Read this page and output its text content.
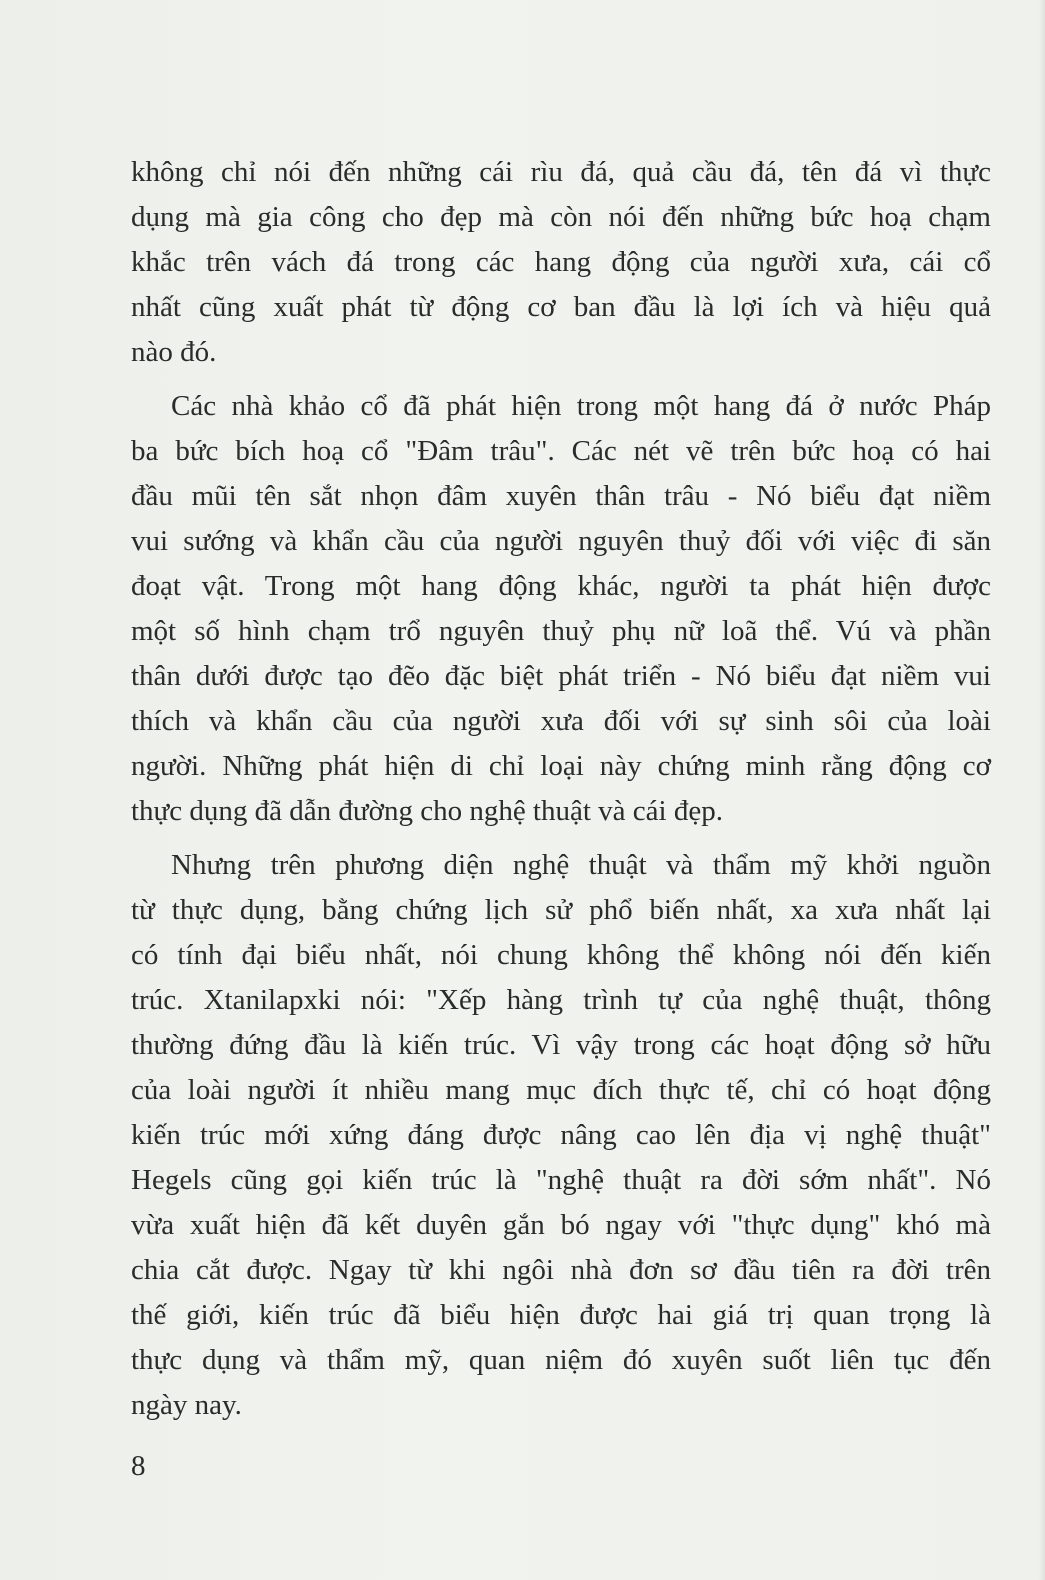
không chỉ nói đến những cái rìu đá, quả cầu đá, tên đá vì thực
dụng mà gia công cho đẹp mà còn nói đến những bức hoạ chạm
khắc trên vách đá trong các hang động của người xưa, cái cổ
nhất cũng xuất phát từ động cơ ban đầu là lợi ích và hiệu quả
nào đó.
Các nhà khảo cổ đã phát hiện trong một hang đá ở nước Pháp
ba bức bích hoạ cổ "Đâm trâu". Các nét vẽ trên bức hoạ có hai
đầu mũi tên sắt nhọn đâm xuyên thân trâu - Nó biểu đạt niềm
vui sướng và khẩn cầu của người nguyên thuỷ đối với việc đi săn
đoạt vật. Trong một hang động khác, người ta phát hiện được
một số hình chạm trổ nguyên thuỷ phụ nữ loã thể. Vú và phần
thân dưới được tạo đẽo đặc biệt phát triển - Nó biểu đạt niềm vui
thích và khẩn cầu của người xưa đối với sự sinh sôi của loài
người. Những phát hiện di chỉ loại này chứng minh rằng động cơ
thực dụng đã dẫn đường cho nghệ thuật và cái đẹp.
Nhưng trên phương diện nghệ thuật và thẩm mỹ khởi nguồn
từ thực dụng, bằng chứng lịch sử phổ biến nhất, xa xưa nhất lại
có tính đại biểu nhất, nói chung không thể không nói đến kiến
trúc. Xtanilapxki nói: "Xếp hàng trình tự của nghệ thuật, thông
thường đứng đầu là kiến trúc. Vì vậy trong các hoạt động sở hữu
của loài người ít nhiều mang mục đích thực tế, chỉ có hoạt động
kiến trúc mới xứng đáng được nâng cao lên địa vị nghệ thuật"
Hegels cũng gọi kiến trúc là "nghệ thuật ra đời sớm nhất". Nó
vừa xuất hiện đã kết duyên gắn bó ngay với "thực dụng" khó mà
chia cắt được. Ngay từ khi ngôi nhà đơn sơ đầu tiên ra đời trên
thế giới, kiến trúc đã biểu hiện được hai giá trị quan trọng là
thực dụng và thẩm mỹ, quan niệm đó xuyên suốt liên tục đến
ngày nay.
8
